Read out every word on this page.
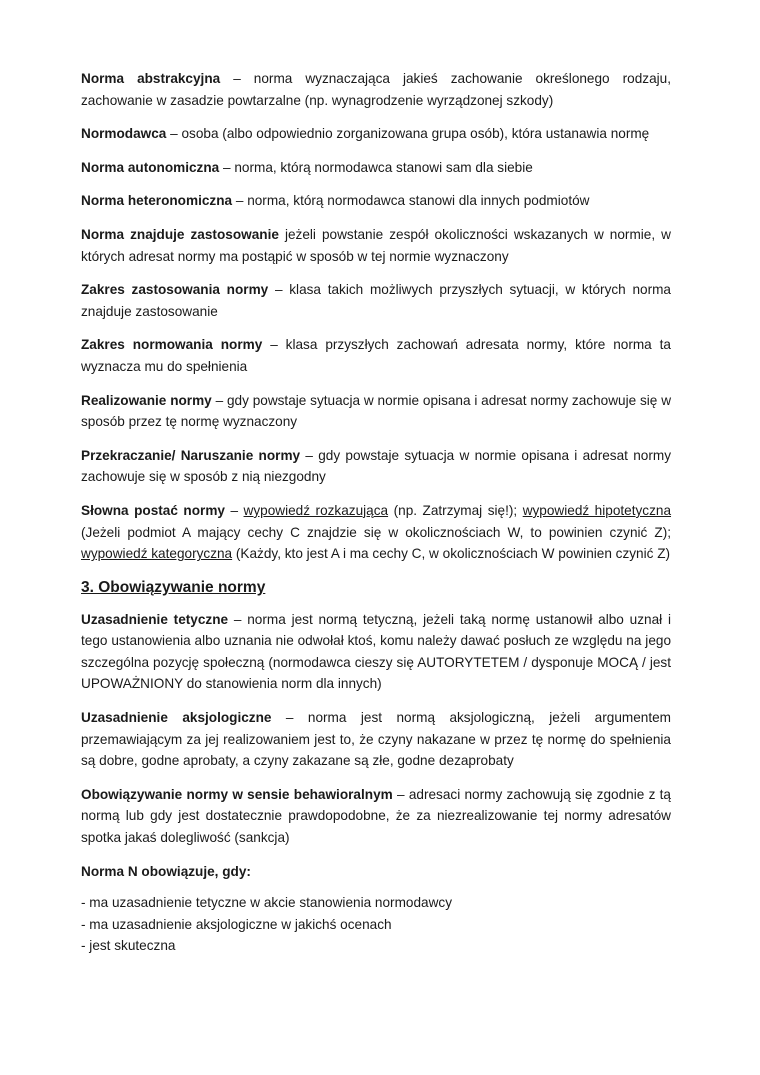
Norma abstrakcyjna – norma wyznaczająca jakieś zachowanie określonego rodzaju, zachowanie w zasadzie powtarzalne (np. wynagrodzenie wyrządzonej szkody)

Normodawca – osoba (albo odpowiednio zorganizowana grupa osób), która ustanawia normę

Norma autonomiczna – norma, którą normodawca stanowi sam dla siebie

Norma heteronomiczna – norma, którą normodawca stanowi dla innych podmiotów

Norma znajduje zastosowanie jeżeli powstanie zespół okoliczności wskazanych w normie, w których adresat normy ma postąpić w sposób w tej normie wyznaczony

Zakres zastosowania normy – klasa takich możliwych przyszłych sytuacji, w których norma znajduje zastosowanie

Zakres normowania normy – klasa przyszłych zachowań adresata normy, które norma ta wyznacza mu do spełnienia

Realizowanie normy – gdy powstaje sytuacja w normie opisana i adresat normy zachowuje się w sposób przez tę normę wyznaczony

Przekraczanie/ Naruszanie normy – gdy powstaje sytuacja w normie opisana i adresat normy zachowuje się w sposób z nią niezgodny

Słowna postać normy – wypowiedź rozkazująca (np. Zatrzymaj się!); wypowiedź hipotetyczna (Jeżeli podmiot A mający cechy C znajdzie się w okolicznościach W, to powinien czynić Z); wypowiedź kategoryczna (Każdy, kto jest A i ma cechy C, w okolicznościach W powinien czynić Z)

3. Obowiązywanie normy

Uzasadnienie tetyczne – norma jest normą tetyczną, jeżeli taką normę ustanowił albo uznał i tego ustanowienia albo uznania nie odwołał ktoś, komu należy dawać posłuch ze względu na jego szczególna pozycję społeczną (normodawca cieszy się AUTORYTETEM / dysponuje MOCĄ / jest UPOWAŻNIONY do stanowienia norm dla innych)

Uzasadnienie aksjologiczne – norma jest normą aksjologiczną, jeżeli argumentem przemawiającym za jej realizowaniem jest to, że czyny nakazane w przez tę normę do spełnienia są dobre, godne aprobaty, a czyny zakazane są złe, godne dezaprobaty

Obowiązywanie normy w sensie behawioralnym – adresaci normy zachowują się zgodnie z tą normą lub gdy jest dostatecznie prawdopodobne, że za niezrealizowanie tej normy adresatów spotka jakaś dolegliwość (sankcja)

Norma N obowiązuje, gdy:

- ma uzasadnienie tetyczne w akcie stanowienia normodawcy

- ma uzasadnienie aksjologiczne w jakichś ocenach

- jest skuteczna
